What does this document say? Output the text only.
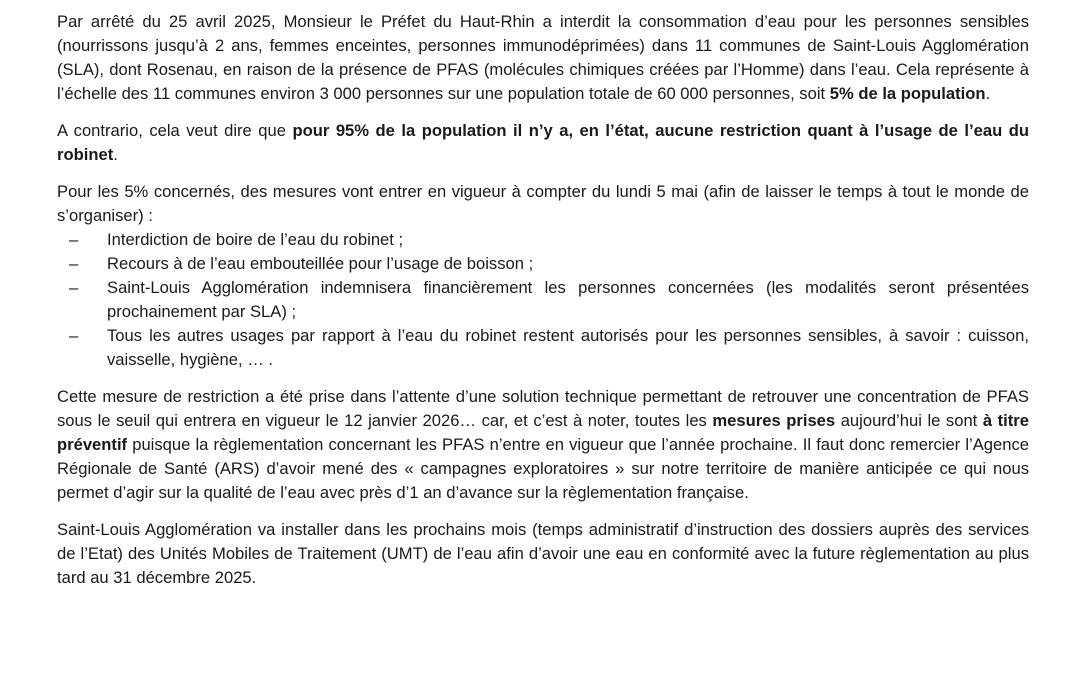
Par arrêté du 25 avril 2025, Monsieur le Préfet du Haut-Rhin a interdit la consommation d’eau pour les personnes sensibles (nourrissons jusqu’à 2 ans, femmes enceintes, personnes immunodéprimées) dans 11 communes de Saint-Louis Agglomération (SLA), dont Rosenau, en raison de la présence de PFAS (molécules chimiques créées par l’Homme) dans l’eau. Cela représente à l’échelle des 11 communes environ 3 000 personnes sur une population totale de 60 000 personnes, soit 5% de la population.

A contrario, cela veut dire que pour 95% de la population il n’y a, en l’état, aucune restriction quant à l’usage de l’eau du robinet.

Pour les 5% concernés, des mesures vont entrer en vigueur à compter du lundi 5 mai (afin de laisser le temps à tout le monde de s’organiser) :

– Interdiction de boire de l’eau du robinet ;
– Recours à de l’eau embouteillée pour l’usage de boisson ;
– Saint-Louis Agglomération indemnisera financièrement les personnes concernées (les modalités seront présentées prochainement par SLA) ;
– Tous les autres usages par rapport à l’eau du robinet restent autorisés pour les personnes sensibles, à savoir : cuisson, vaisselle, hygiène, … .

Cette mesure de restriction a été prise dans l’attente d’une solution technique permettant de retrouver une concentration de PFAS sous le seuil qui entrera en vigueur le 12 janvier 2026… car, et c’est à noter, toutes les mesures prises aujourd’hui le sont à titre préventif puisque la règlementation concernant les PFAS n’entre en vigueur que l’année prochaine. Il faut donc remercier l’Agence Régionale de Santé (ARS) d’avoir mené des « campagnes exploratoires » sur notre territoire de manière anticipée ce qui nous permet d’agir sur la qualité de l’eau avec près d’1 an d’avance sur la règlementation française.

Saint-Louis Agglomération va installer dans les prochains mois (temps administratif d’instruction des dossiers auprès des services de l’Etat) des Unités Mobiles de Traitement (UMT) de l’eau afin d’avoir une eau en conformité avec la future règlementation au plus tard au 31 décembre 2025.
